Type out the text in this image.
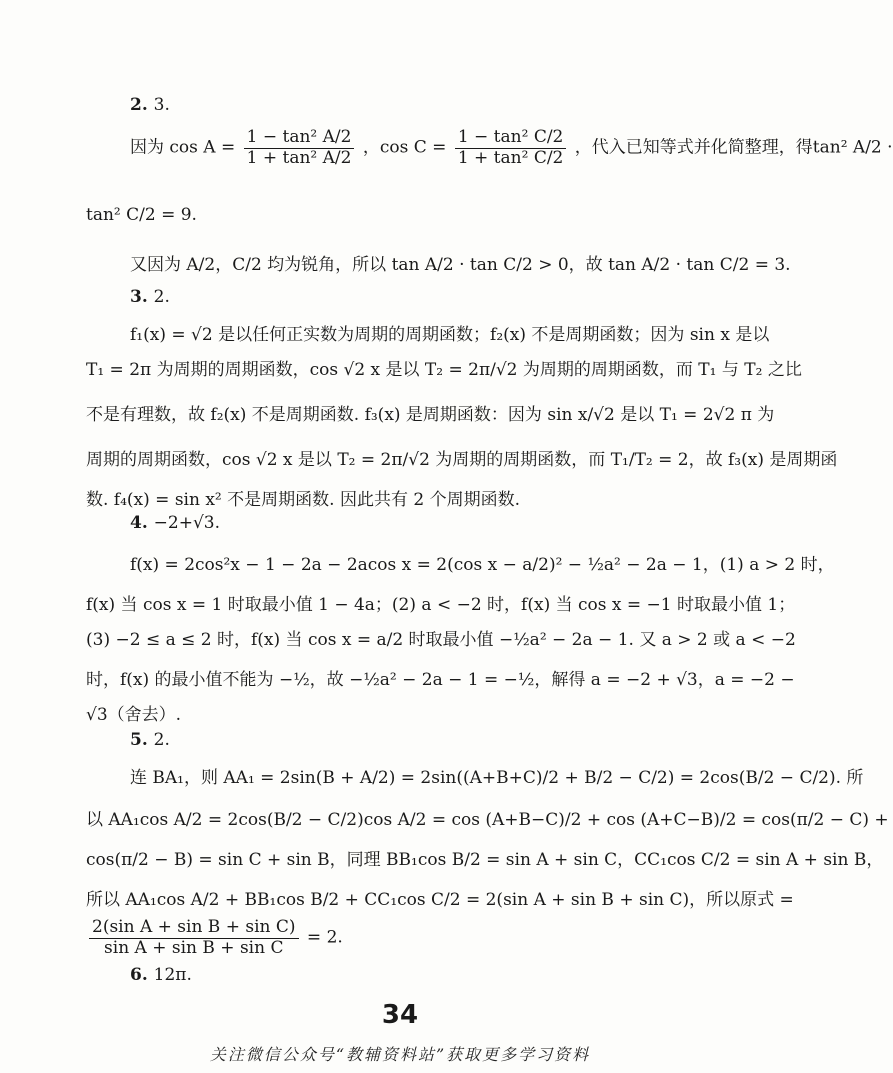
2. 3.
因为 $\cos A = \frac{\text{1 − tan² A/2}}{\text{1 + tan² A/2}}$ ，$\cos C = \frac{\text{1 − tan² C/2}}{\text{1 + tan² C/2}}$ ，代入已知等式并化简整理，得tan² A/2 ·
tan² C/2 = 9.
又因为 A/2，C/2 均为锐角，所以 tan A/2 · tan C/2 > 0，故 tan A/2 · tan C/2 = 3.
3. 2.
f₁(x) = √2 是以任何正实数为周期的周期函数；f₂(x) 不是周期函数；因为 sin x 是以
T₁ = 2π 为周期的周期函数，cos √2 x 是以 T₂ = 2π/√2 为周期的周期函数，而 T₁ 与 T₂ 之比
不是有理数，故 f₂(x) 不是周期函数. f₃(x) 是周期函数：因为 sin x/√2 是以 T₁ = 2√2 π 为
周期的周期函数，cos √2 x 是以 T₂ = 2π/√2 为周期的周期函数，而 T₁/T₂ = 2，故 f₃(x) 是周期函
数. f₄(x) = sin x² 不是周期函数. 因此共有 2 个周期函数.
4. −2+√3.
f(x) = 2cos²x − 1 − 2a − 2acos x = 2(cos x − a/2)² − ½a² − 2a − 1，(1) a > 2 时，
f(x) 当 cos x = 1 时取最小值 1 − 4a；(2) a < −2 时，f(x) 当 cos x = −1 时取最小值 1；
(3) −2 ≤ a ≤ 2 时，f(x) 当 cos x = a/2 时取最小值 −½a² − 2a − 1. 又 a > 2 或 a < −2
时，f(x) 的最小值不能为 −½，故 −½a² − 2a − 1 = −½，解得 a = −2 + √3，a = −2 −
√3（舍去）.
5. 2.
连 BA₁，则 AA₁ = 2sin(B + A/2) = 2sin((A+B+C)/2 + B/2 − C/2) = 2cos(B/2 − C/2). 所
以 AA₁cos A/2 = 2cos(B/2 − C/2)cos A/2 = cos (A+B−C)/2 + cos (A+C−B)/2 = cos(π/2 − C) +
cos(π/2 − B) = sin C + sin B，同理 BB₁cos B/2 = sin A + sin C，CC₁cos C/2 = sin A + sin B，
所以 AA₁cos A/2 + BB₁cos B/2 + CC₁cos C/2 = 2(sin A + sin B + sin C)，所以原式 =
$\frac{\text{2(sin A + sin B + sin C)}}{\text{sin A + sin B + sin C}} = 2$.
6. 12π.
34
关注微信公众号“教辅资料站”获取更多学习资料
